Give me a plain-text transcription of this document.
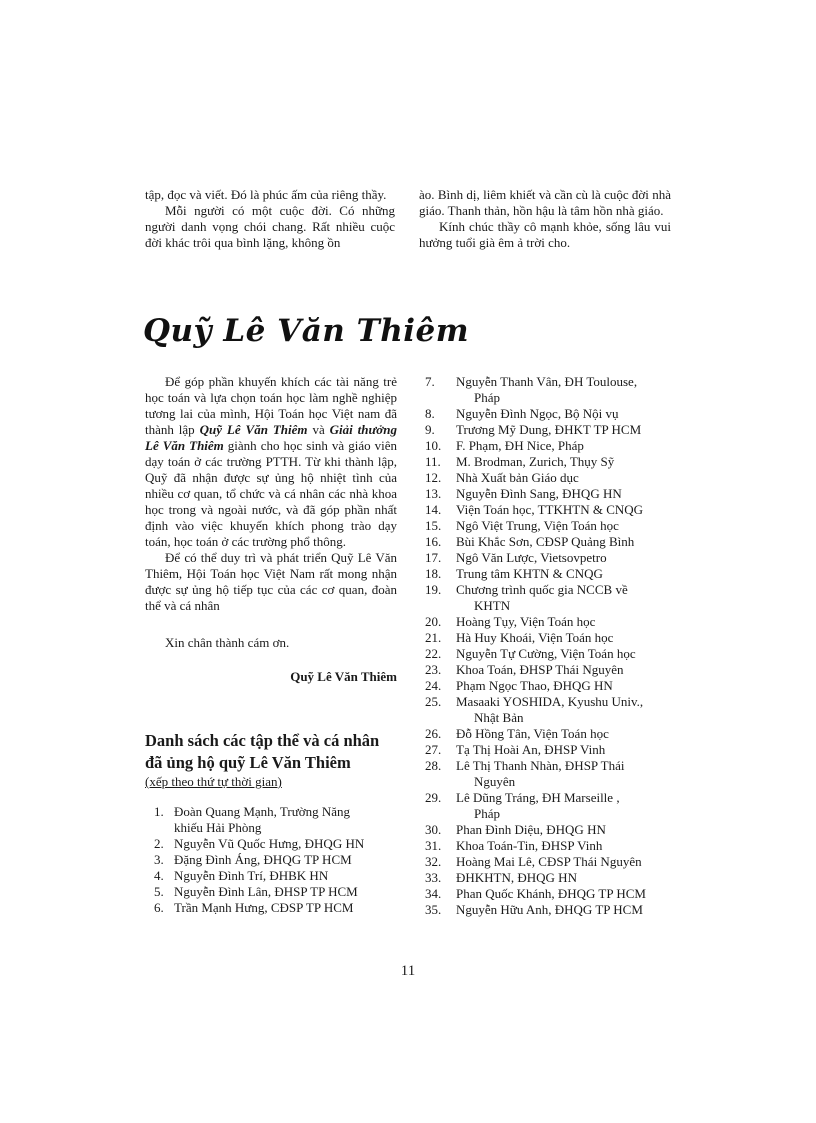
tập, đọc và viết. Đó là phúc ấm của riêng thầy.

Mỗi người có một cuộc đời. Có những người danh vọng chói chang. Rất nhiều cuộc đời khác trôi qua bình lặng, không ồn

ào. Bình dị, liêm khiết và cần cù là cuộc đời nhà giáo. Thanh thản, hồn hậu là tâm hồn nhà giáo.

Kính chúc thầy cô mạnh khỏe, sống lâu vui hưởng tuổi già êm ả trời cho.

Quỹ Lê Văn Thiêm

Để góp phần khuyến khích các tài năng trẻ học toán và lựa chọn toán học làm nghề nghiệp tương lai của mình, Hội Toán học Việt nam đã thành lập Quỹ Lê Văn Thiêm và Giải thưởng Lê Văn Thiêm giành cho học sinh và giáo viên dạy toán ở các trường PTTH. Từ khi thành lập, Quỹ đã nhận được sự ủng hộ nhiệt tình của nhiều cơ quan, tổ chức và cá nhân các nhà khoa học trong và ngoài nước, và đã góp phần nhất định vào việc khuyến khích phong trào dạy toán, học toán ở các trường phổ thông.

Để có thể duy trì và phát triển Quỹ Lê Văn Thiêm, Hội Toán học Việt Nam rất mong nhận được sự ủng hộ tiếp tục của các cơ quan, đoàn thể và cá nhân

Xin chân thành cám ơn.

Quỹ Lê Văn Thiêm

Danh sách các tập thể và cá nhân đã ủng hộ quỹ Lê Văn Thiêm
(xếp theo thứ tự thời gian)
1. Đoàn Quang Mạnh, Trường Năng
khiếu Hải Phòng
2. Nguyễn Vũ Quốc Hưng, ĐHQG HN
3. Đặng Đình Áng, ĐHQG TP HCM
4. Nguyễn Đình Trí, ĐHBK HN
5. Nguyễn Đình Lân, ĐHSP TP HCM
6. Trần Mạnh Hưng, CĐSP TP HCM
7. Nguyễn Thanh Vân, ĐH Toulouse,
Pháp
8. Nguyễn Đình Ngọc, Bộ Nội vụ
9. Trương Mỹ Dung, ĐHKT TP HCM
10. F. Phạm, ĐH Nice, Pháp
11. M. Brodman, Zurich, Thụy Sỹ
12. Nhà Xuất bản Giáo dục
13. Nguyễn Đình Sang, ĐHQG HN
14. Viện Toán học, TTKHTN & CNQG
15. Ngô Việt Trung, Viện Toán học
16. Bùi Khắc Sơn, CĐSP Quảng Bình
17. Ngô Văn Lược, Vietsovpetro
18. Trung tâm KHTN & CNQG
19. Chương trình quốc gia NCCB về
KHTN
20. Hoàng Tụy, Viện Toán học
21. Hà Huy Khoái, Viện Toán học
22. Nguyễn Tự Cường, Viện Toán học
23. Khoa Toán, ĐHSP Thái Nguyên
24. Phạm Ngọc Thao, ĐHQG HN
25. Masaaki YOSHIDA, Kyushu Univ.,
Nhật Bản
26. Đỗ Hồng Tân, Viện Toán học
27. Tạ Thị Hoài An, ĐHSP Vinh
28. Lê Thị Thanh Nhàn, ĐHSP Thái
Nguyên
29. Lê Dũng Tráng, ĐH Marseille ,
Pháp
30. Phan Đình Diệu, ĐHQG HN
31. Khoa Toán-Tin, ĐHSP Vinh
32. Hoàng Mai Lê, CĐSP Thái Nguyên
33. ĐHKHTN, ĐHQG HN
34. Phan Quốc Khánh, ĐHQG TP HCM
35. Nguyễn Hữu Anh, ĐHQG TP HCM
11
